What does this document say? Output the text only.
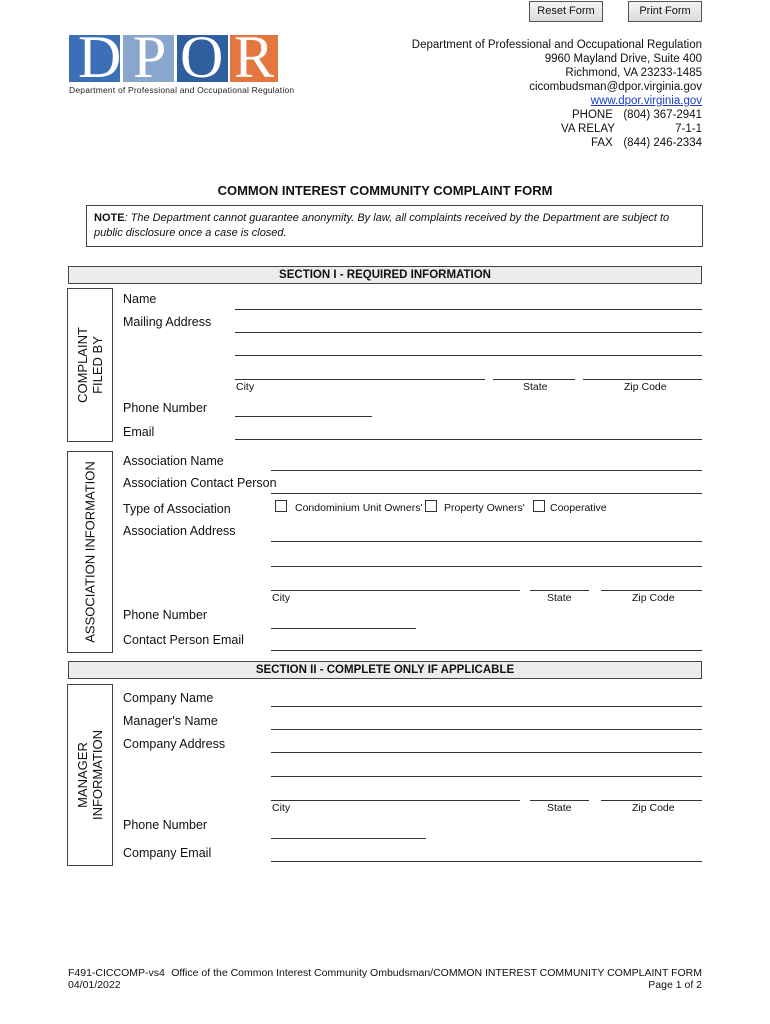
Reset Form	Print Form
D P O R
Department of Professional and Occupational Regulation
Department of Professional and Occupational Regulation
9960 Mayland Drive, Suite 400
Richmond, VA 23233-1485
cicombudsman@dpor.virginia.gov
www.dpor.virginia.gov
PHONE (804) 367-2941
VA RELAY	7-1-1
FAX (844) 246-2334
COMMON INTEREST COMMUNITY COMPLAINT FORM
NOTE: The Department cannot guarantee anonymity. By law, all complaints received by the Department are subject to public disclosure once a case is closed.
SECTION I - REQUIRED INFORMATION
COMPLAINT FILED BY
Name
Mailing Address
City	State	Zip Code
Phone Number
Email
ASSOCIATION INFORMATION
Association Name
Association Contact Person
Type of Association	Condominium Unit Owners' Property Owners' Cooperative
Association Address
City	State	Zip Code
Phone Number
Contact Person Email
SECTION II - COMPLETE ONLY IF APPLICABLE
MANAGER INFORMATION
Company Name
Manager's Name
Company Address
City	State	Zip Code
Phone Number
Company Email
F491-CICCOMP-vs4
04/01/2022
Office of the Common Interest Community Ombudsman/COMMON INTEREST COMMUNITY COMPLAINT FORM
Page 1 of 2
